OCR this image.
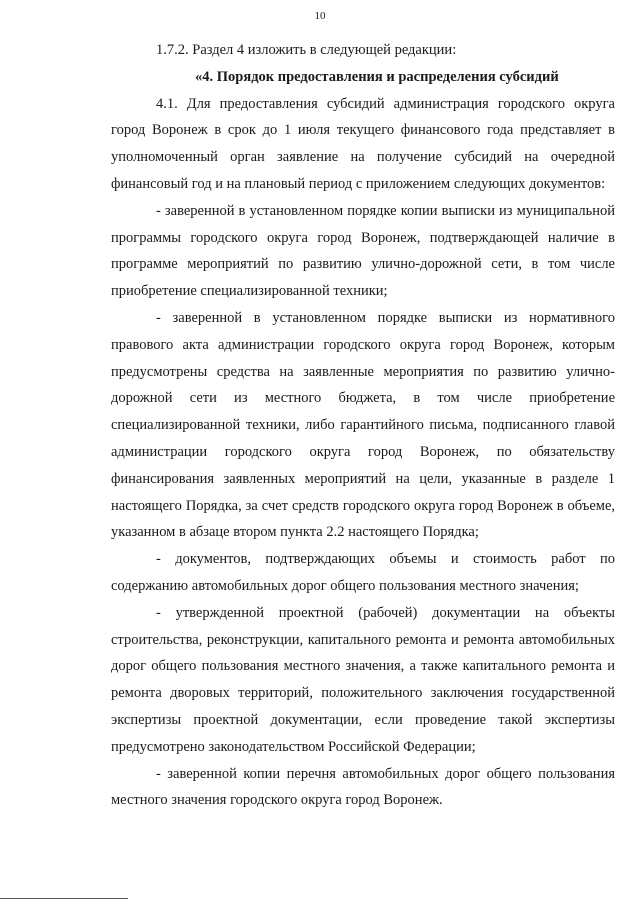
10

1.7.2. Раздел 4 изложить в следующей редакции:

«4. Порядок предоставления и распределения субсидий

4.1. Для предоставления субсидий администрация городского округа город Воронеж в срок до 1 июля текущего финансового года представляет в уполномоченный орган заявление на получение субсидий на очередной финансовый год и на плановый период с приложением следующих документов:

- заверенной в установленном порядке копии выписки из муниципальной программы городского округа город Воронеж, подтверждающей наличие в программе мероприятий по развитию улично-дорожной сети, в том числе приобретение специализированной техники;

- заверенной в установленном порядке выписки из нормативного правового акта администрации городского округа город Воронеж, которым предусмотрены средства на заявленные мероприятия по развитию улично-дорожной сети из местного бюджета, в том числе приобретение специализированной техники, либо гарантийного письма, подписанного главой администрации городского округа город Воронеж, по обязательству финансирования заявленных мероприятий на цели, указанные в разделе 1 настоящего Порядка, за счет средств городского округа город Воронеж в объеме, указанном в абзаце втором пункта 2.2 настоящего Порядка;

- документов, подтверждающих объемы и стоимость работ по содержанию автомобильных дорог общего пользования местного значения;

- утвержденной проектной (рабочей) документации на объекты строительства, реконструкции, капитального ремонта и ремонта автомобильных дорог общего пользования местного значения, а также капитального ремонта и ремонта дворовых территорий, положительного заключения государственной экспертизы проектной документации, если проведение такой экспертизы предусмотрено законодательством Российской Федерации;

- заверенной копии перечня автомобильных дорог общего пользования местного значения городского округа город Воронеж.
